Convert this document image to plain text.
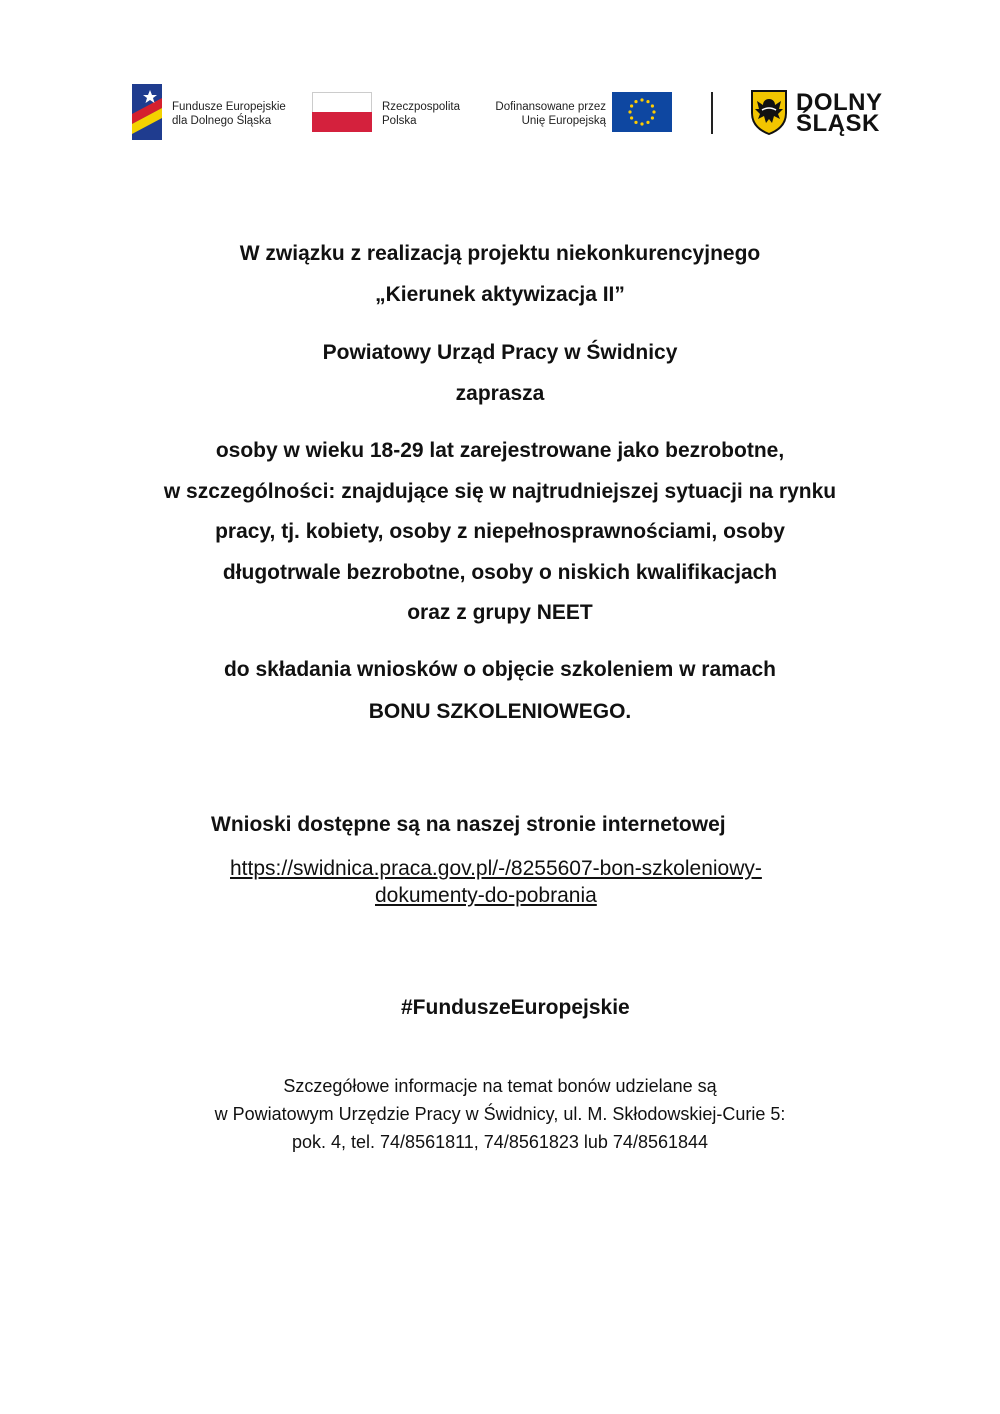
Fundusze Europejskie
dla Dolnego Śląska
Rzeczpospolita
Polska
Dofinansowane przez
Unię Europejską
DOLNY
ŚLĄSK
W związku z realizacją projektu niekonkurencyjnego
„Kierunek aktywizacja II”
Powiatowy Urząd Pracy w Świdnicy
zaprasza
osoby w wieku 18-29 lat zarejestrowane jako bezrobotne,
w szczególności: znajdujące się w najtrudniejszej sytuacji na rynku
pracy, tj. kobiety, osoby z niepełnosprawnościami, osoby
długotrwale bezrobotne, osoby o niskich kwalifikacjach
oraz z grupy NEET
do składania wniosków o objęcie szkoleniem w ramach
BONU SZKOLENIOWEGO.
Wnioski dostępne są na naszej stronie internetowej
https://swidnica.praca.gov.pl/-/8255607-bon-szkoleniowy-
dokumenty-do-pobrania
#FunduszeEuropejskie
Szczegółowe informacje na temat bonów udzielane są
w Powiatowym Urzędzie Pracy w Świdnicy, ul. M. Skłodowskiej-Curie 5:
pok. 4, tel. 74/8561811, 74/8561823 lub 74/8561844
